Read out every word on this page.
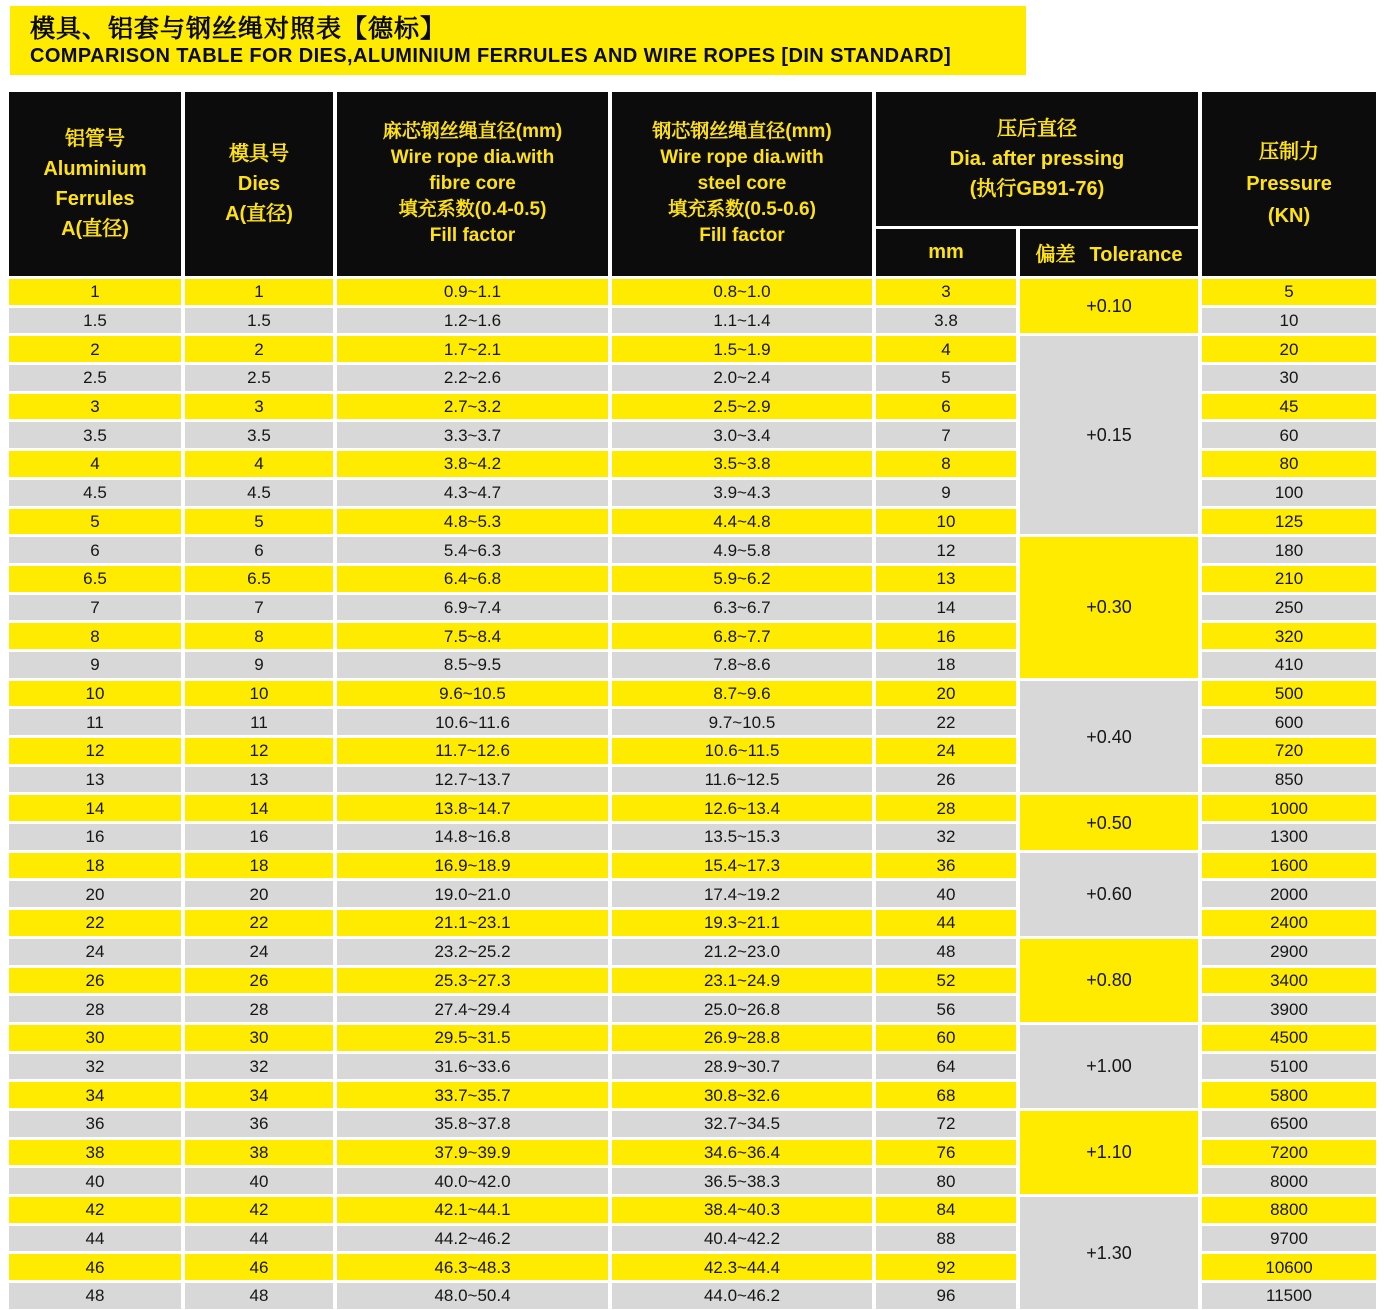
模具、铝套与钢丝绳对照表【德标】
COMPARISON TABLE FOR DIES,ALUMINIUM FERRULES AND WIRE ROPES [DIN STANDARD]
铝管号
Aluminium
Ferrules
A(直径)

模具号
Dies
A(直径)

麻芯钢丝绳直径(mm)
Wire rope dia.with
fibre core
填充系数(0.4-0.5)
Fill factor

钢芯钢丝绳直径(mm)
Wire rope dia.with
steel core
填充系数(0.5-0.6)
Fill factor

压后直径
Dia. after pressing
(执行GB91-76)

压制力
Pressure
(KN)

				mm	偏差 Tolerance	
1	1	0.9~1.1	0.8~1.0	3	+0.10	5
1.5	1.5	1.2~1.6	1.1~1.4	3.8		10
2	2	1.7~2.1	1.5~1.9	4	+0.15	20
2.5	2.5	2.2~2.6	2.0~2.4	5		30
3	3	2.7~3.2	2.5~2.9	6		45
3.5	3.5	3.3~3.7	3.0~3.4	7		60
4	4	3.8~4.2	3.5~3.8	8		80
4.5	4.5	4.3~4.7	3.9~4.3	9		100
5	5	4.8~5.3	4.4~4.8	10		125
6	6	5.4~6.3	4.9~5.8	12	+0.30	180
6.5	6.5	6.4~6.8	5.9~6.2	13		210
7	7	6.9~7.4	6.3~6.7	14		250
8	8	7.5~8.4	6.8~7.7	16		320
9	9	8.5~9.5	7.8~8.6	18		410
10	10	9.6~10.5	8.7~9.6	20	+0.40	500
11	11	10.6~11.6	9.7~10.5	22		600
12	12	11.7~12.6	10.6~11.5	24		720
13	13	12.7~13.7	11.6~12.5	26		850
14	14	13.8~14.7	12.6~13.4	28	+0.50	1000
16	16	14.8~16.8	13.5~15.3	32		1300
18	18	16.9~18.9	15.4~17.3	36	+0.60	1600
20	20	19.0~21.0	17.4~19.2	40		2000
22	22	21.1~23.1	19.3~21.1	44		2400
24	24	23.2~25.2	21.2~23.0	48	+0.80	2900
26	26	25.3~27.3	23.1~24.9	52		3400
28	28	27.4~29.4	25.0~26.8	56		3900
30	30	29.5~31.5	26.9~28.8	60	+1.00	4500
32	32	31.6~33.6	28.9~30.7	64		5100
34	34	33.7~35.7	30.8~32.6	68		5800
36	36	35.8~37.8	32.7~34.5	72	+1.10	6500
38	38	37.9~39.9	34.6~36.4	76		7200
40	40	40.0~42.0	36.5~38.3	80		8000
42	42	42.1~44.1	38.4~40.3	84	+1.30	8800
44	44	44.2~46.2	40.4~42.2	88		9700
46	46	46.3~48.3	42.3~44.4	92		10600
48	48	48.0~50.4	44.0~46.2	96		11500
